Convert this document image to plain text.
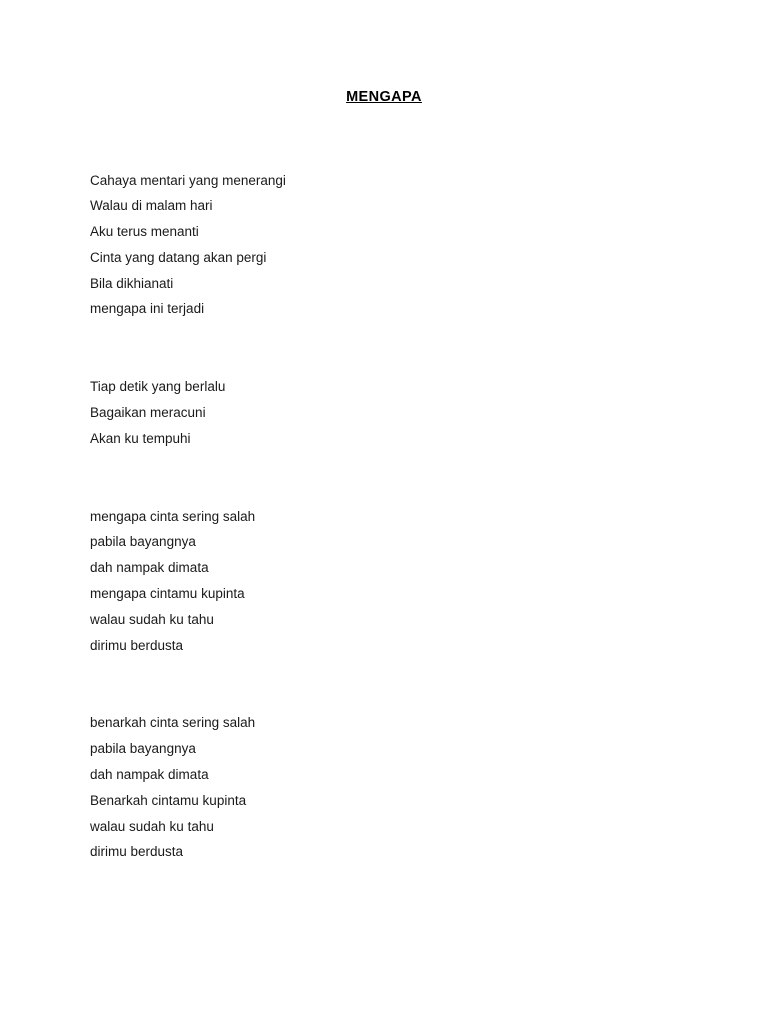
MENGAPA
Cahaya mentari yang menerangi
Walau di malam hari
Aku terus menanti
Cinta yang datang akan pergi
Bila dikhianati
mengapa ini terjadi
Tiap detik yang berlalu
Bagaikan meracuni
Akan ku tempuhi
mengapa cinta sering salah
pabila bayangnya
dah nampak dimata
mengapa cintamu kupinta
walau sudah ku tahu
dirimu berdusta
benarkah cinta sering salah
pabila bayangnya
dah nampak dimata
Benarkah cintamu kupinta
walau sudah ku tahu
dirimu berdusta
